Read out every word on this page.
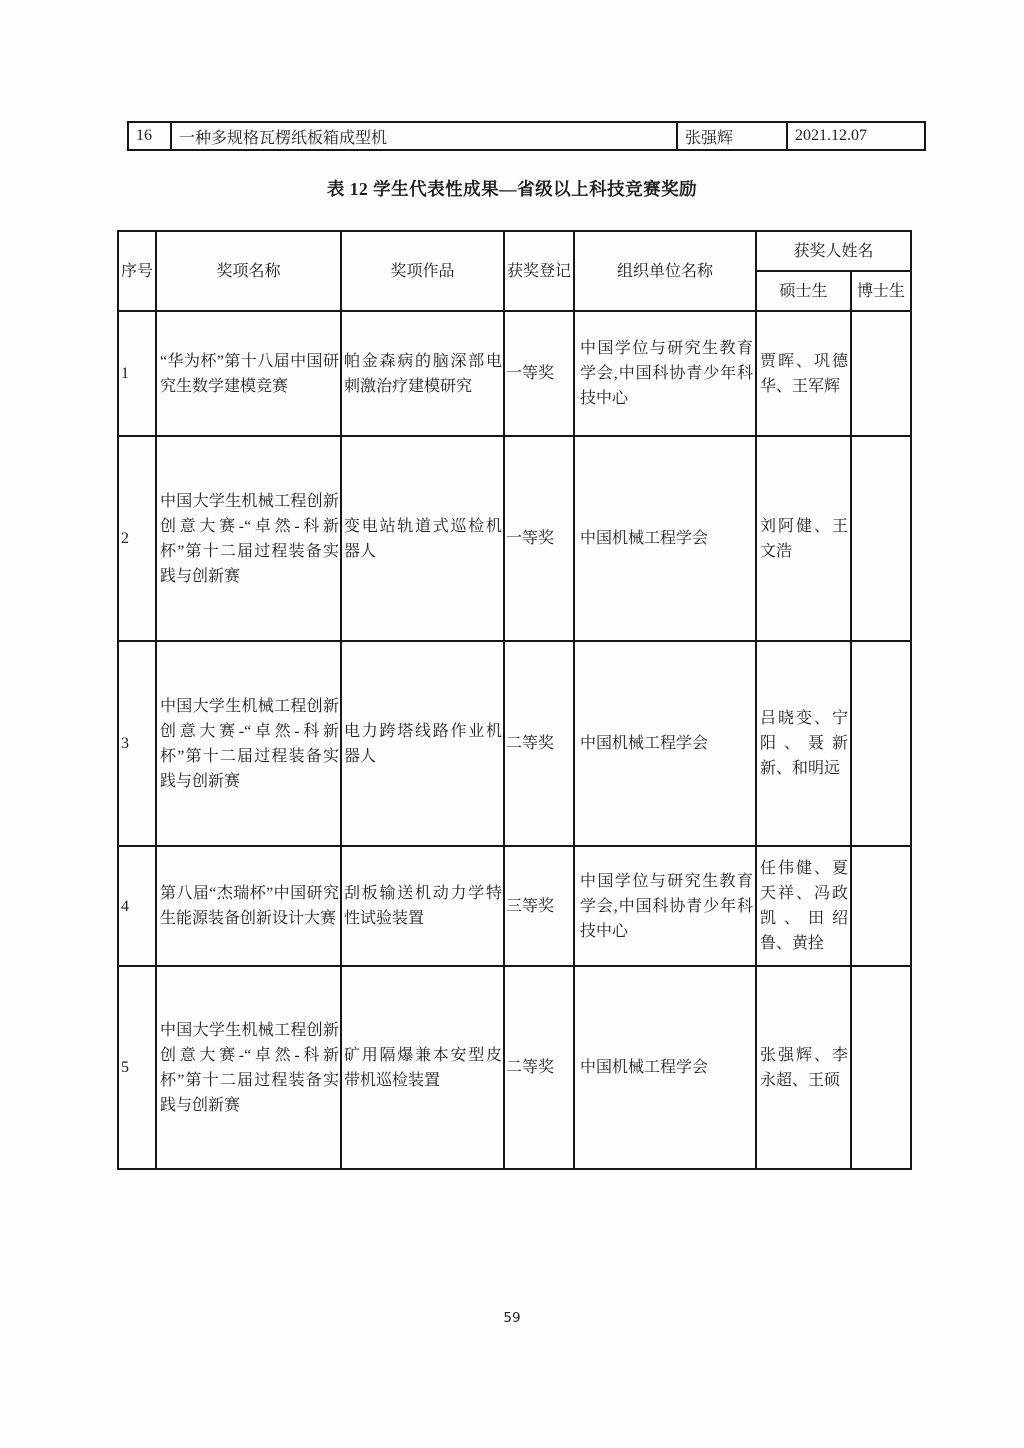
16	一种多规格瓦楞纸板箱成型机	张强辉	2021.12.07
表 12 学生代表性成果—省级以上科技竞赛奖励
序号	奖项名称	奖项作品	获奖登记	组织单位名称	获奖人姓名	
					硕士生	博士生
1	“华为杯”第十八届中国研究生数学建模竞赛	帕金森病的脑深部电刺激治疗建模研究	一等奖	中国学位与研究生教育学会,中国科协青少年科技中心	贾晖、巩德华、王军辉	
2	中国大学生机械工程创新创意大赛-“卓然-科新杯”第十二届过程装备实践与创新赛	变电站轨道式巡检机器人	一等奖	中国机械工程学会	刘阿健、王文浩	
3	中国大学生机械工程创新创意大赛-“卓然-科新杯”第十二届过程装备实践与创新赛	电力跨塔线路作业机器人	二等奖	中国机械工程学会	吕晓变、宁阳、聂新新、和明远	
4	第八届“杰瑞杯”中国研究生能源装备创新设计大赛	刮板输送机动力学特性试验装置	三等奖	中国学位与研究生教育学会,中国科协青少年科技中心	任伟健、夏天祥、冯政凯、田绍鲁、黄拴	
5	中国大学生机械工程创新创意大赛-“卓然-科新杯”第十二届过程装备实践与创新赛	矿用隔爆兼本安型皮带机巡检装置	二等奖	中国机械工程学会	张强辉、李永超、王硕	
59
